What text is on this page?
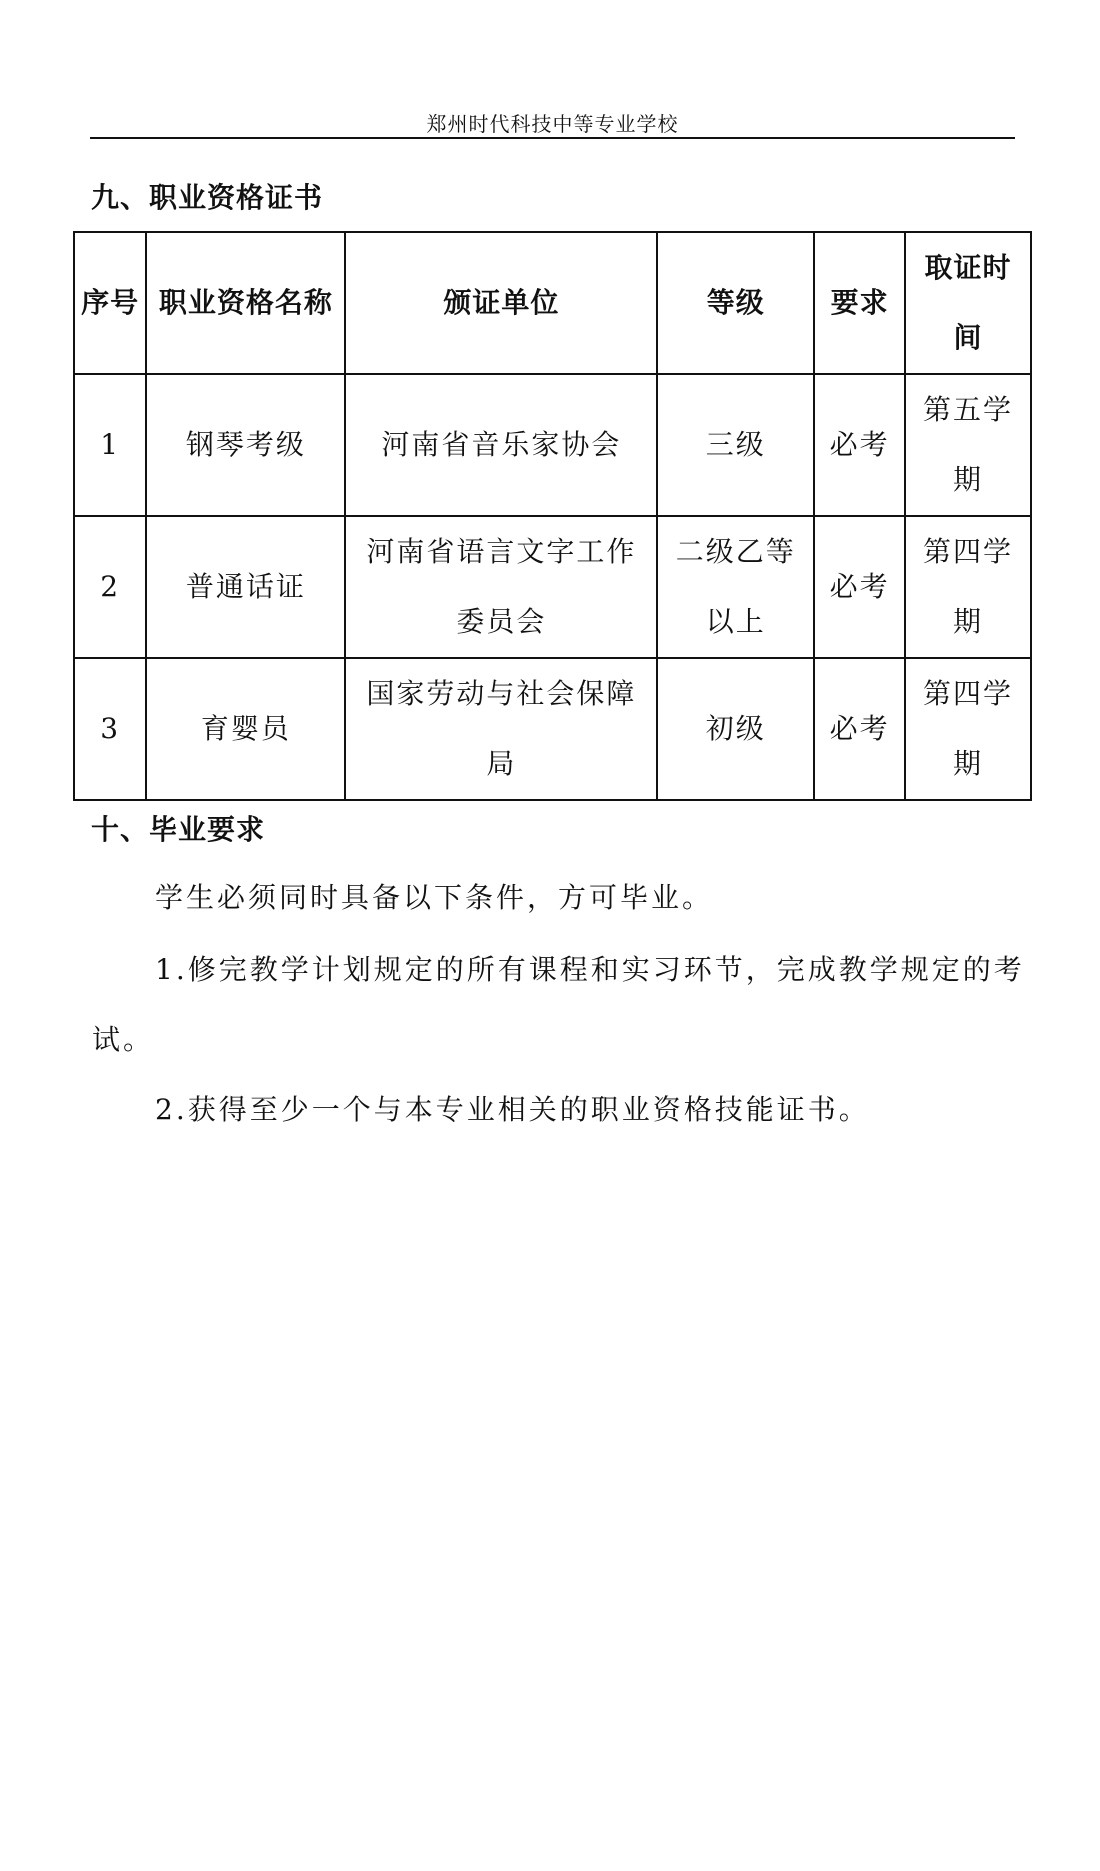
郑州时代科技中等专业学校
九、职业资格证书
序号	职业资格名称	颁证单位	等级	要求	取证时间
1	钢琴考级	河南省音乐家协会	三级	必考	第五学期
2	普通话证	河南省语言文字工作委员会	二级乙等以上	必考	第四学期
3	育婴员	国家劳动与社会保障局	初级	必考	第四学期
十、毕业要求
学生必须同时具备以下条件，方可毕业。
1.修完教学计划规定的所有课程和实习环节，完成教学规定的考
试。
2.获得至少一个与本专业相关的职业资格技能证书。
